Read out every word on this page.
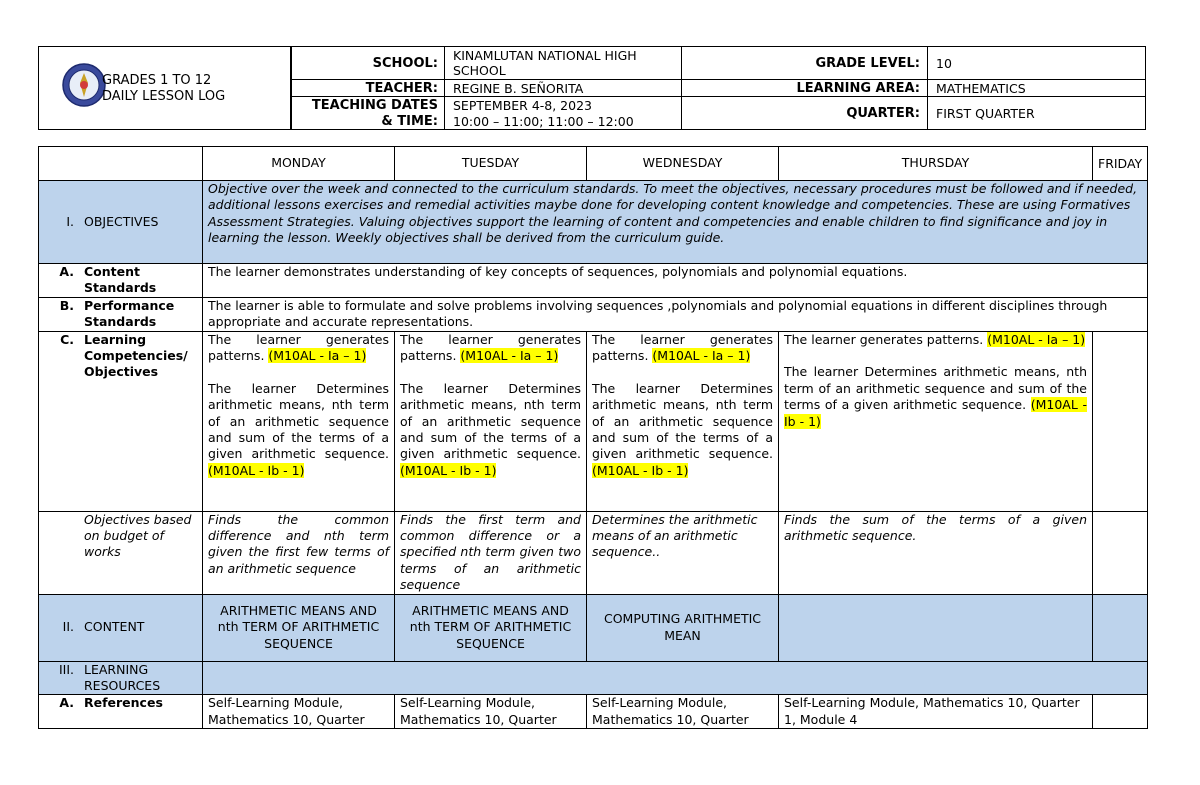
GRADES 1 TO 12
DAILY LESSON LOG
SCHOOL:
KINAMLUTAN NATIONAL HIGH SCHOOL
TEACHER: REGINE B. SEÑORITA
TEACHING DATES
& TIME:
SEPTEMBER 4-8, 2023
10:00 – 11:00; 11:00 – 12:00
GRADE LEVEL: 10
LEARNING AREA: MATHEMATICS
QUARTER: FIRST QUARTER
	MONDAY	TUESDAY	WEDNESDAY	THURSDAY	FRIDAY

I. OBJECTIVES	Objective over the week and connected to the curriculum standards. To meet the objectives, necessary procedures must be followed and if needed, additional lessons exercises and remedial activities maybe done for developing content knowledge and competencies. These are using Formatives Assessment Strategies. Valuing objectives support the learning of content and competencies and enable children to find significance and joy in learning the lesson. Weekly objectives shall be derived from the curriculum guide.				

A. Content Standards	The learner demonstrates understanding of key concepts of sequences, polynomials and polynomial equations.				

B. Performance Standards	The learner is able to formulate and solve problems involving sequences ,polynomials and polynomial equations in different disciplines through appropriate and accurate representations.				

C. Learning Competencies/ Objectives	The learner generates patterns. (M10AL - Ia – 1)

The learner Determines arithmetic means, nth term of an arithmetic sequence and sum of the terms of a given arithmetic sequence. (M10AL - Ib - 1)	The learner generates patterns. (M10AL - Ia – 1)

The learner Determines arithmetic means, nth term of an arithmetic sequence and sum of the terms of a given arithmetic sequence. (M10AL - Ib - 1)	The learner generates patterns. (M10AL - Ia – 1)

The learner Determines arithmetic means, nth term of an arithmetic sequence and sum of the terms of a given arithmetic sequence. (M10AL - Ib - 1)	The learner generates patterns. (M10AL - Ia – 1)

The learner Determines arithmetic means, nth term of an arithmetic sequence and sum of the terms of a given arithmetic sequence. (M10AL - Ib - 1)	

Objectives based on budget of works	Finds the common difference and nth term given the first few terms of an arithmetic sequence	Finds the first term and common difference or a specified nth term given two terms of an arithmetic sequence	Determines the arithmetic means of an arithmetic sequence..	Finds the sum of the terms of a given arithmetic sequence.	

II. CONTENT	ARITHMETIC MEANS AND nth TERM OF ARITHMETIC SEQUENCE	ARITHMETIC MEANS AND nth TERM OF ARITHMETIC SEQUENCE	COMPUTING ARITHMETIC MEAN		

III. LEARNING RESOURCES					

A. References	Self-Learning Module, Mathematics 10, Quarter	Self-Learning Module, Mathematics 10, Quarter	Self-Learning Module, Mathematics 10, Quarter	Self-Learning Module, Mathematics 10, Quarter 1, Module 4	
